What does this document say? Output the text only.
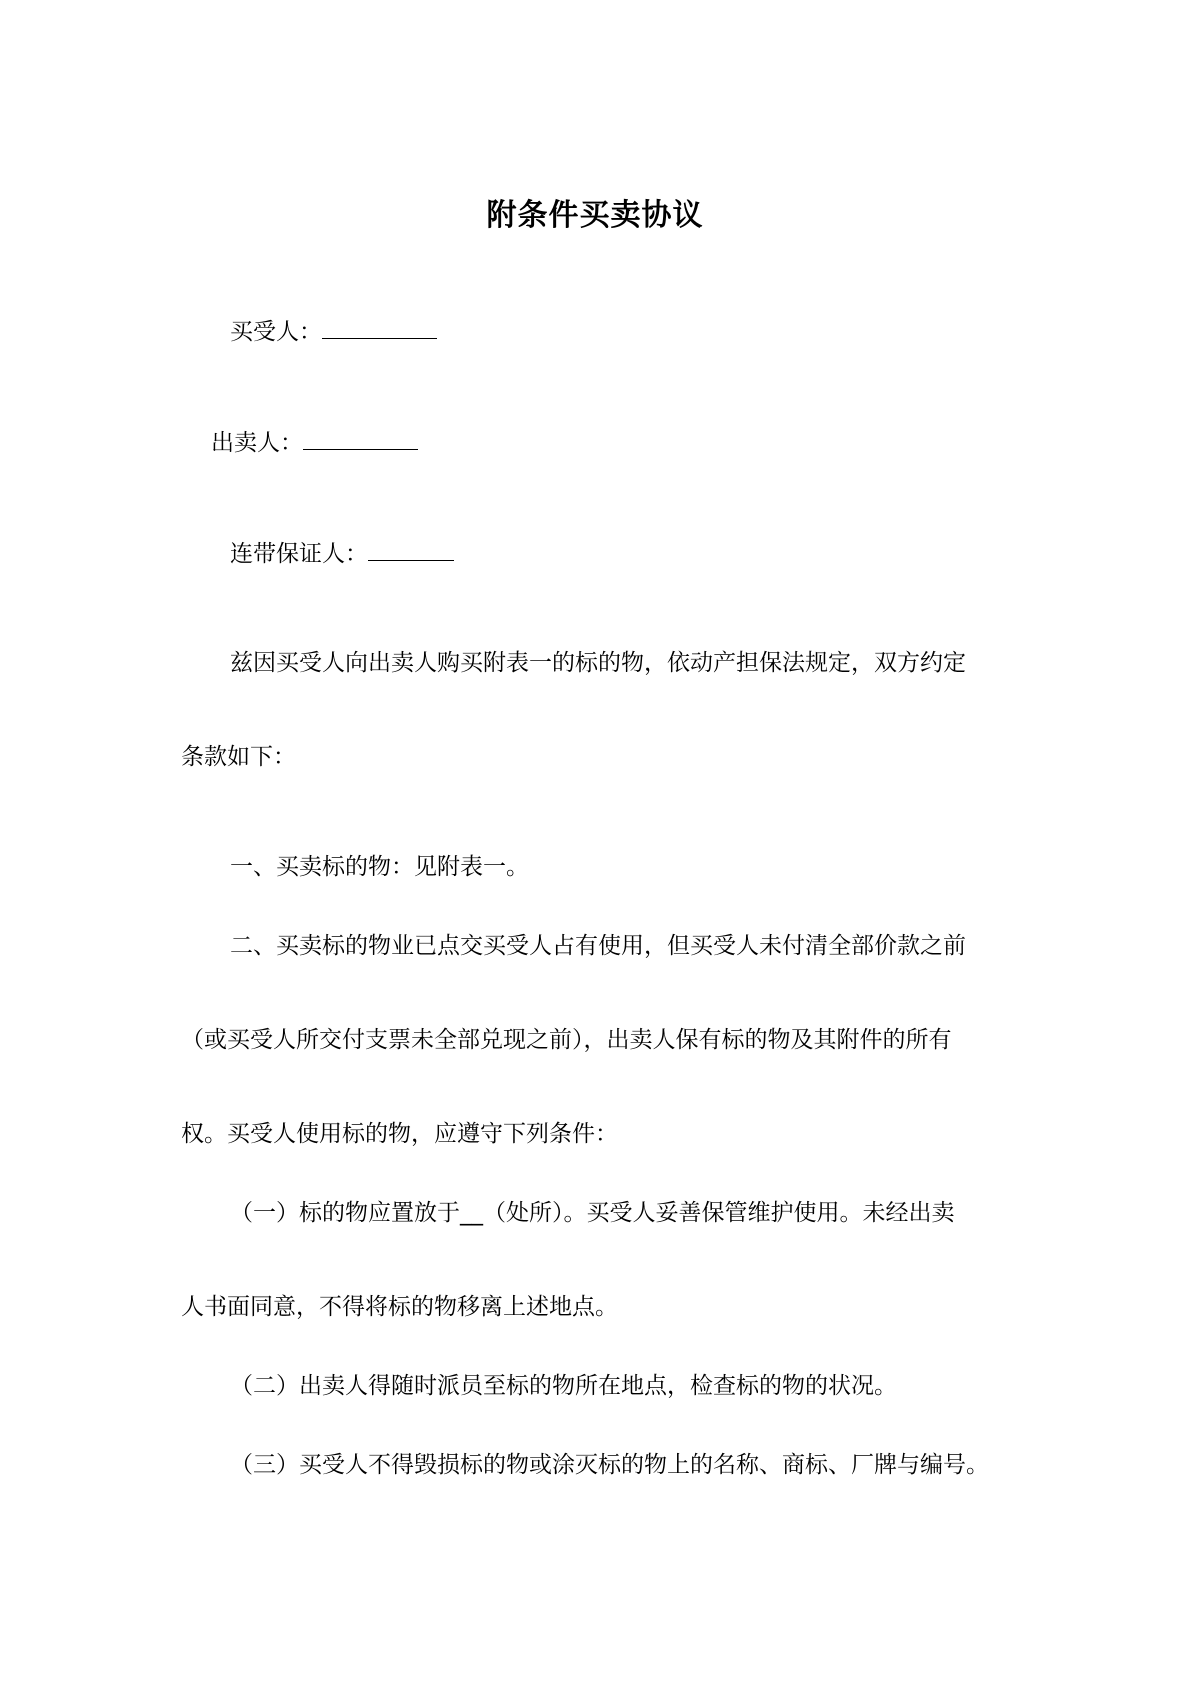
附条件买卖协议
买受人：
出卖人：
连带保证人：
兹因买受人向出卖人购买附表一的标的物，依动产担保法规定，双方约定
条款如下：
一、买卖标的物：见附表一。
二、买卖标的物业已点交买受人占有使用，但买受人未付清全部价款之前
（或买受人所交付支票未全部兑现之前），出卖人保有标的物及其附件的所有
权。买受人使用标的物，应遵守下列条件：
（一）标的物应置放于__（处所）。买受人妥善保管维护使用。未经出卖
人书面同意，不得将标的物移离上述地点。
（二）出卖人得随时派员至标的物所在地点，检查标的物的状况。
（三）买受人不得毁损标的物或涂灭标的物上的名称、商标、厂牌与编号。
